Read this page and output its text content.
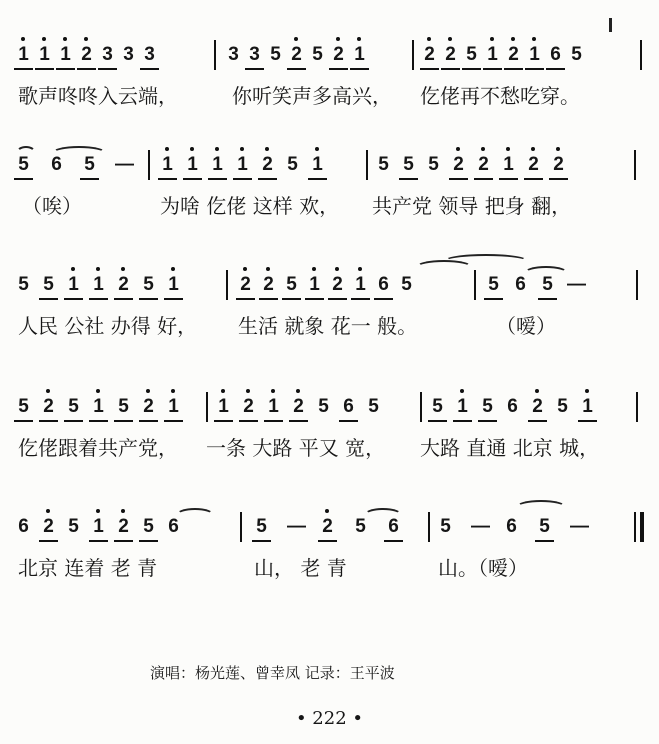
1 1 1 2 3 3 3	3 3 5 2 5 2 1	2 2 5 1 2 1 6 5
歌声咚咚入云端，	你听笑声多高兴， 仡佬再不愁吃穿。
5 6 5 — 1 1 1 1 2 5 1	5 5 5 2 2 1 2 2
（唉）	为啥 仡佬 这样 欢， 共产党 领导 把身 翻，
5 5 1 1 2 5 1	2 2 5 1 2 1 6 5	5 6 5 —
人民 公社 办得 好， 生活 就象 花一 般。	（嗳）
5 2 5 1 5 2 1 1 2 1 2 5 6 5	5 1 5 6 2 5 1
仡佬跟着共产党， 一条 大路 平又 宽， 大路 直通 北京 城，
6 2 5 1 2 5 6	5 — 2 5 6 5 — 6 5 —
北京 连着 老 青	山， 老 青	山。（嗳）
演唱：杨光莲、曾幸凤 记录：王平波
• 222 •
